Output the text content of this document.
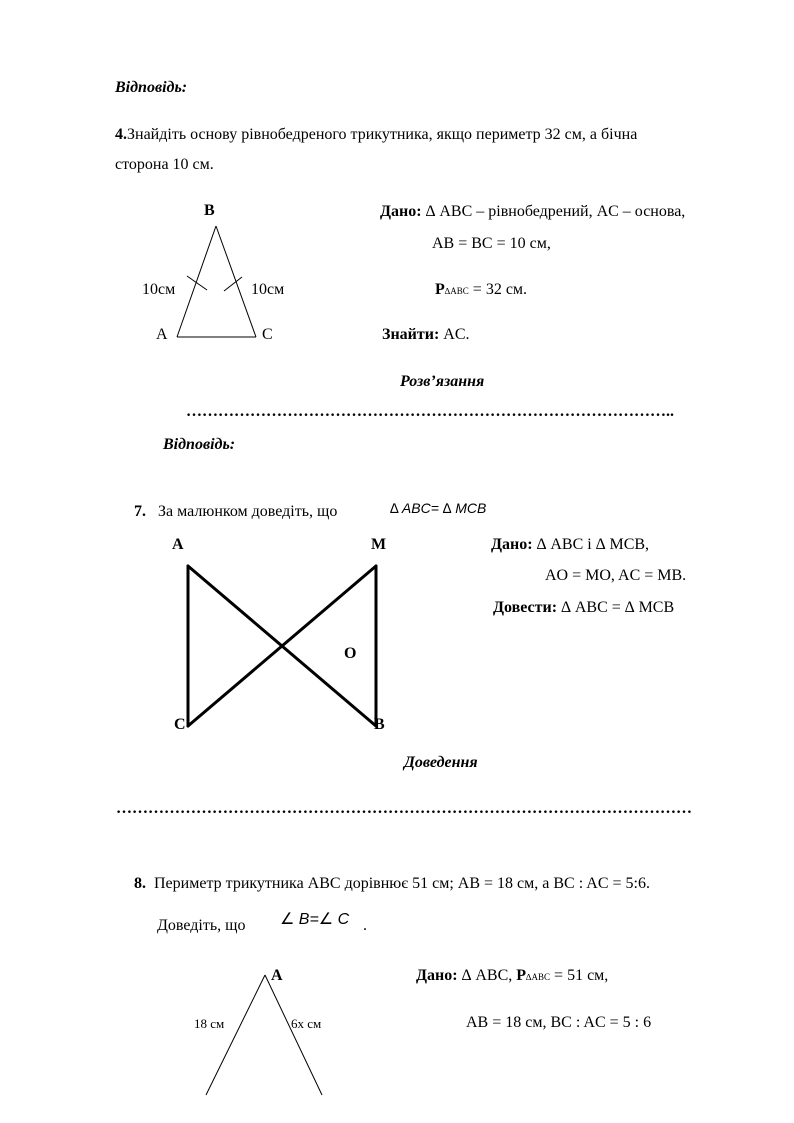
Відповідь:
4.Знайдіть основу рівнобедреного трикутника, якщо периметр 32 см, а бічна
сторона 10 см.
B
10см	10см
A	C
Дано: ∆ ABC – рівнобедрений, AC – основа,
AB = BC = 10 см,
P∆ABC = 32 см.
Знайти: AC.
Розв’язання
………………………………………………………………………………..
Відповідь:
7. За малюнком доведіть, що	∆ ABC= ∆ MCB
A	M
O
C	B
Дано: ∆ ABC і ∆ MCB,
AO = MO, AC = MB.
Довести: ∆ ABC = ∆ MCB
Доведення
………………………………………………………………………………………………
8. Периметр трикутника ABC дорівнює 51 см; AB = 18 см, а BC : AC = 5:6.
Доведіть, що ∠ B=∠ C .
A
18 см	6х см
Дано: ∆ ABC, P∆ABC = 51 см,
AB = 18 см, BC : AC = 5 : 6
